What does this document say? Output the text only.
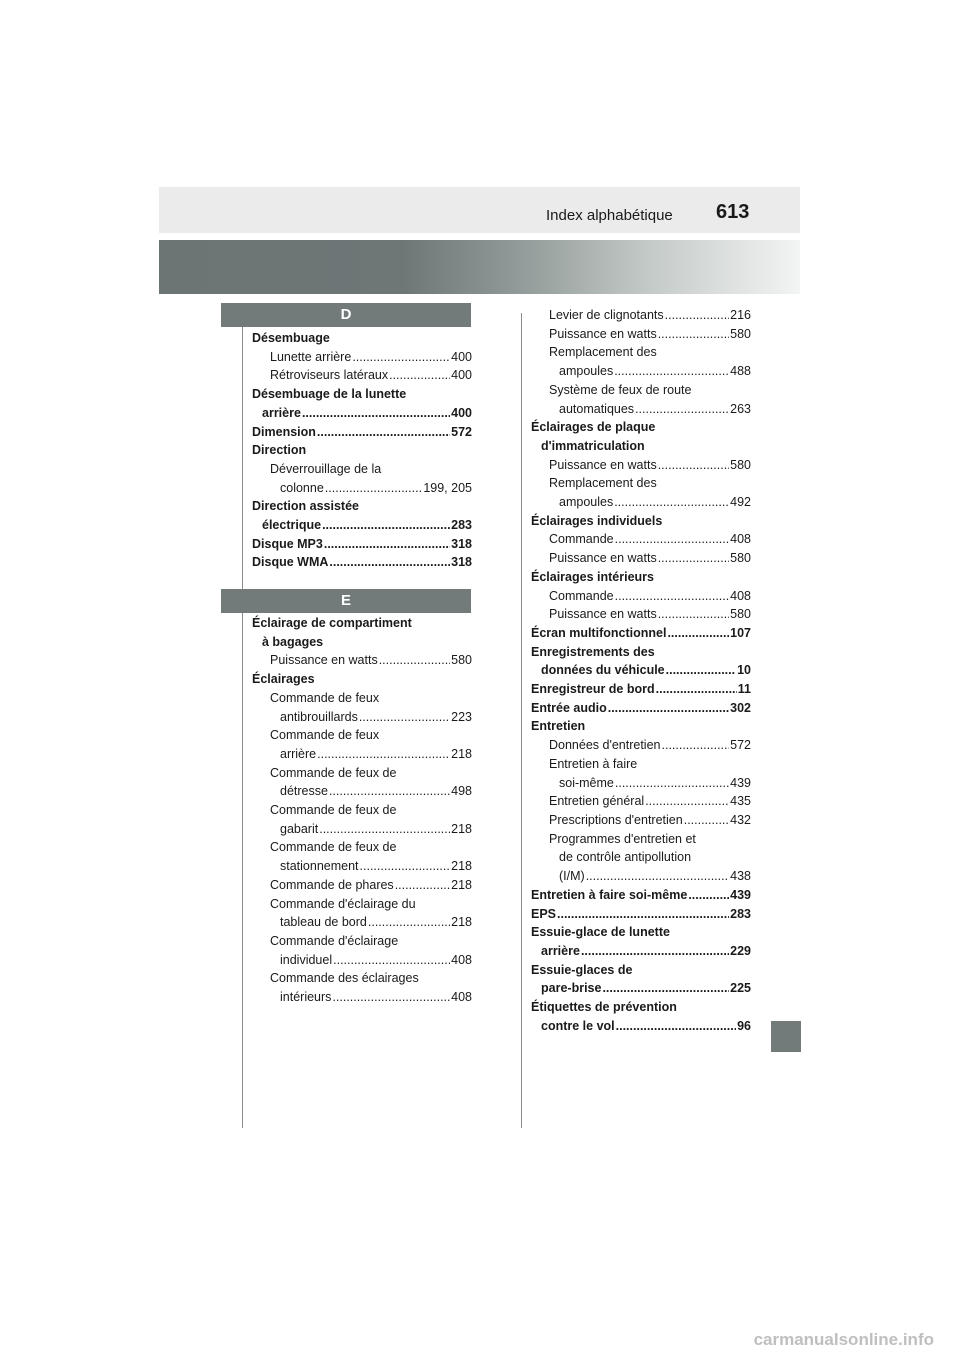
Index alphabétique 613
D
Désembuage
Lunette arrière .....	400
Rétroviseurs latéraux .....	400
Désembuage de la lunette
arrière .....	400
Dimension .....	572
Direction
Déverrouillage de la
colonne .....	199, 205
Direction assistée
électrique .....	283
Disque MP3 .....	318
Disque WMA .....	318
E
Éclairage de compartiment
à bagages
Puissance en watts .....	580
Éclairages
Commande de feux
antibrouillards .....	223
Commande de feux
arrière .....	218
Commande de feux de
détresse .....	498
Commande de feux de
gabarit .....	218
Commande de feux de
stationnement .....	218
Commande de phares .....	218
Commande d'éclairage du
tableau de bord .....	218
Commande d'éclairage
individuel .....	408
Commande des éclairages
intérieurs .....	408
Levier de clignotants .....	216
Puissance en watts .....	580
Remplacement des
ampoules .....	488
Système de feux de route
automatiques .....	263
Éclairages de plaque
d'immatriculation
Puissance en watts .....	580
Remplacement des
ampoules .....	492
Éclairages individuels
Commande .....	408
Puissance en watts .....	580
Éclairages intérieurs
Commande .....	408
Puissance en watts .....	580
Écran multifonctionnel .....	107
Enregistrements des
données du véhicule .....	10
Enregistreur de bord .....	11
Entrée audio .....	302
Entretien
Données d'entretien .....	572
Entretien à faire
soi-même .....	439
Entretien général .....	435
Prescriptions d'entretien .....	432
Programmes d'entretien et
de contrôle antipollution
(I/M) .....	438
Entretien à faire soi-même .....	439
EPS .....	283
Essuie-glace de lunette
arrière .....	229
Essuie-glaces de
pare-brise .....	225
Étiquettes de prévention
contre le vol .....	96
carmanualsonline.info
